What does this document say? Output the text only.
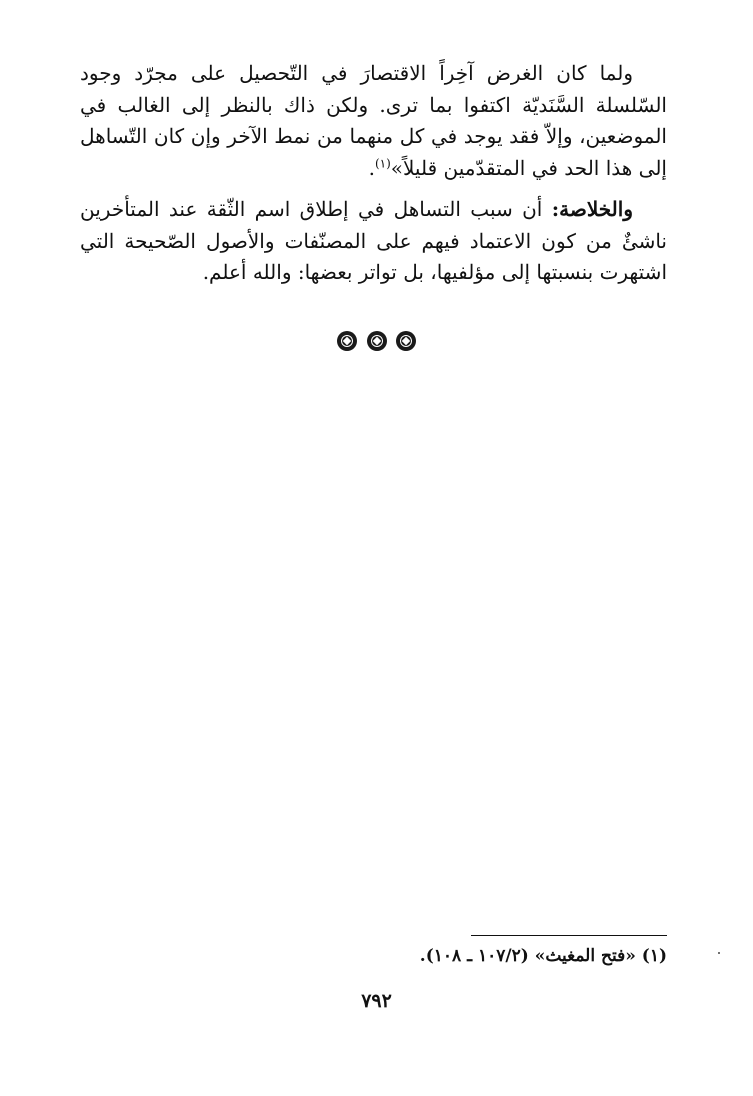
ولما كان الغرض آخِراً الاقتصارَ في التّحصيل على مجرّد وجود السّلسلة السَّنَديّة اكتفوا بما ترى. ولكن ذاك بالنظر إلى الغالب في الموضعين، وإلاّ فقد يوجد في كل منهما من نمط الآخر وإن كان التّساهل إلى هذا الحد في المتقدّمين قليلاً»$^{(١)}$.

والخلاصة: أن سبب التساهل في إطلاق اسم الثّقة عند المتأخرين ناشئٌ من كون الاعتماد فيهم على المصنّفات والأصول الصّحيحة التي اشتهرت بنسبتها إلى مؤلفيها، بل تواتر بعضها: والله أعلم.

(١) «فتح المغيث» (١٠٧/٢ ـ ١٠٨).
٧٩٢
